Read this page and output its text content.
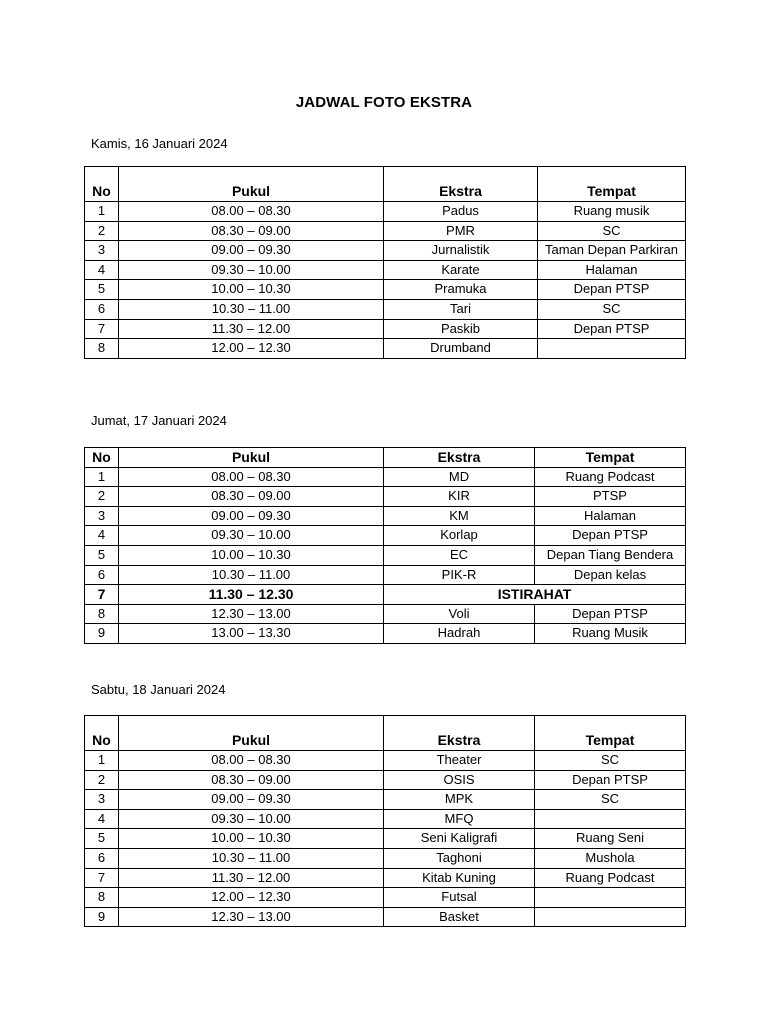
JADWAL FOTO EKSTRA
Kamis, 16 Januari 2024
No	Pukul	Ekstra	Tempat
1	08.00 – 08.30	Padus	Ruang musik
2	08.30 – 09.00	PMR	SC
3	09.00 – 09.30	Jurnalistik	Taman Depan Parkiran
4	09.30 – 10.00	Karate	Halaman
5	10.00 – 10.30	Pramuka	Depan PTSP
6	10.30 – 11.00	Tari	SC
7	11.30 – 12.00	Paskib	Depan PTSP
8	12.00 – 12.30	Drumband	
Jumat, 17 Januari 2024
No	Pukul	Ekstra	Tempat
1	08.00 – 08.30	MD	Ruang Podcast
2	08.30 – 09.00	KIR	PTSP
3	09.00 – 09.30	KM	Halaman
4	09.30 – 10.00	Korlap	Depan PTSP
5	10.00 – 10.30	EC	Depan Tiang Bendera
6	10.30 – 11.00	PIK-R	Depan kelas
7	11.30 – 12.30	ISTIRAHAT	
8	12.30 – 13.00	Voli	Depan PTSP
9	13.00 – 13.30	Hadrah	Ruang Musik
Sabtu, 18 Januari 2024
No	Pukul	Ekstra	Tempat
1	08.00 – 08.30	Theater	SC
2	08.30 – 09.00	OSIS	Depan PTSP
3	09.00 – 09.30	MPK	SC
4	09.30 – 10.00	MFQ	
5	10.00 – 10.30	Seni Kaligrafi	Ruang Seni
6	10.30 – 11.00	Taghoni	Mushola
7	11.30 – 12.00	Kitab Kuning	Ruang Podcast
8	12.00 – 12.30	Futsal	
9	12.30 – 13.00	Basket	
